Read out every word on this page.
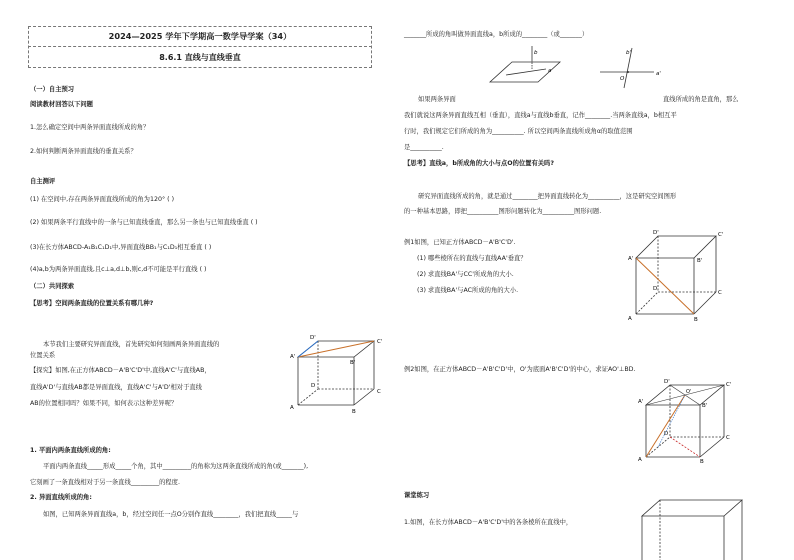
2024—2025 学年下学期高一数学导学案（34）
8.6.1 直线与直线垂直
（一）自主预习
阅读教材回答以下问题
1.怎么确定空间中两条异面直线所成的角？
2.如何判断两条异面直线的垂直关系？
自主测评
(1) 在空间中,存在两条异面直线所成的角为120° ( )
(2) 如果两条平行直线中的一条与已知直线垂直，那么另一条也与已知直线垂直 ( )
(3)在长方体ABCD-A₁B₁C₁D₁中,异面直线BB₁与C₁D₁相互垂直 ( )
(4)a,b为两条异面直线,且c⊥a,d⊥b,则c,d不可能是平行直线 ( )
（二）共同探索
【思考】空间两条直线的位置关系有哪几种?
本节我们主要研究异面直线，首先研究如何刻画两条异面直线的
位置关系
【探究】如图,在正方体ABCD－A'B'C'D'中,直线A'C'与直线AB，
直线A'D'与直线AB都是异面直线，直线A'C'与A'D'相对于直线
AB的位置相同吗？如果不同，如何表示这种差异呢？
1. 平面内两条直线所成的角:
平面内两条直线_____形成_____个角，其中_________的角称为这两条直线所成的角(或_______),
它刻画了一条直线相对于另一条直线_________的程度.
2. 异面直线所成的角:
如图，已知两条异面直线a，b，经过空间任一点O分别作直线________，我们把直线_____与
A'
B'
C'
D'
A
B
C
D
_______所成的角叫做异面直线a，b所成的________（或_______）
b
a
b'
a'
O
如果两条异面	直线所成的角是直角，那么
我们就说这两条异面直线互相（垂直），直线a与直线b垂直，记作________.当两条直线a，b相互平
行时，我们规定它们所成的角为__________. 所以空间两条直线所成角α的取值范围
是__________.
【思考】直线a，b所成角的大小与点O的位置有关吗?
研究异面直线所成的角，就是通过________把异面直线转化为__________，这是研究空间图形
的一种基本思路，即把__________图形问题转化为__________图形问题.
例1如图，已知正方体ABCD－A'B'C'D'.
(1) 哪些棱所在的直线与直线AA'垂直？
(2) 求直线BA'与CC'所成角的大小.
(3) 求直线BA'与AC所成的角的大小.
D'	C'
A'	B'
D
C
A	B
例2如图，在正方体ABCD－A'B'C'D'中，O'为底面A'B'C'D'的中心，求证AO'⊥BD.
D'	C'
A'
B'
O'
D
C
A	B
课堂练习
1.如图，在长方体ABCD－A'B'C'D'中的各条棱所在直线中，
